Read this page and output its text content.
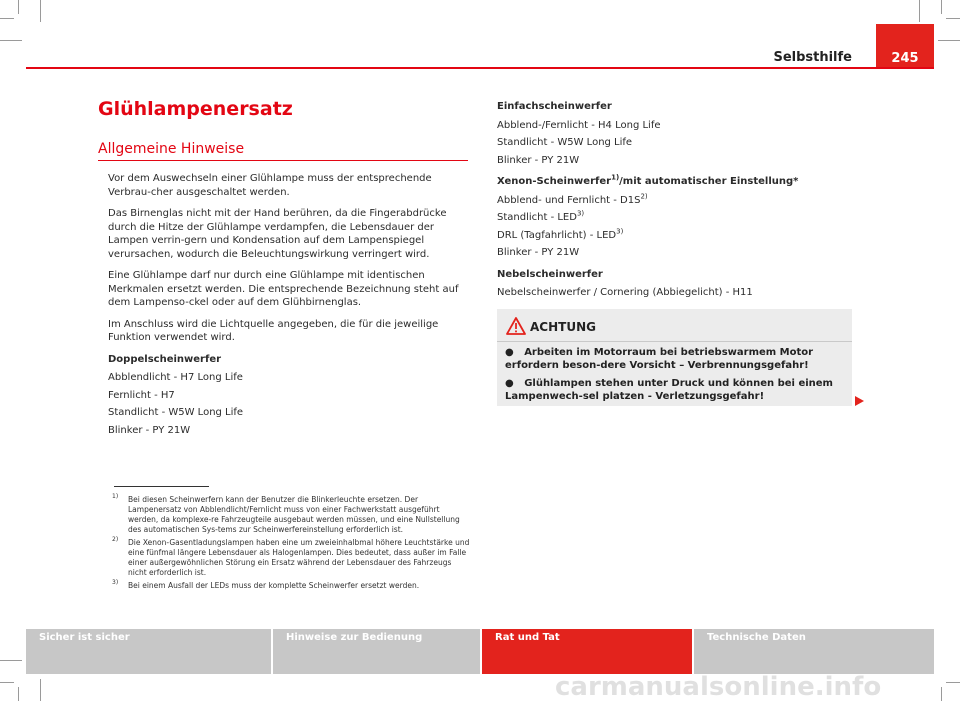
245
Selbsthilfe
Glühlampenersatz
Allgemeine Hinweise

Vor dem Auswechseln einer Glühlampe muss der entsprechende Verbrau-cher ausgeschaltet werden.

Das Birnenglas nicht mit der Hand berühren, da die Fingerabdrücke durch die Hitze der Glühlampe verdampfen, die Lebensdauer der Lampen verrin-gern und Kondensation auf dem Lampenspiegel verursachen, wodurch die Beleuchtungswirkung verringert wird.

Eine Glühlampe darf nur durch eine Glühlampe mit identischen Merkmalen ersetzt werden. Die entsprechende Bezeichnung steht auf dem Lampenso-ckel oder auf dem Glühbirnenglas.

Im Anschluss wird die Lichtquelle angegeben, die für die jeweilige Funktion verwendet wird.

Doppelscheinwerfer

Abblendlicht - H7 Long Life

Fernlicht - H7

Standlicht - W5W Long Life

Blinker - PY 21W

Einfachscheinwerfer

Abblend-/Fernlicht - H4 Long Life

Standlicht - W5W Long Life

Blinker - PY 21W

Xenon-Scheinwerfer$^{1)}$/mit automatischer Einstellung*

Abblend- und Fernlicht - $D1S^{2)}$

Standlicht - LED$^{3)}$

DRL (Tagfahrlicht) - LED$^{3)}$

Blinker - PY 21W

Nebelscheinwerfer

Nebelscheinwerfer / Cornering (Abbiegelicht) - H11

ACHTUNG

● Arbeiten im Motorraum bei betriebswarmem Motor erfordern beson-dere Vorsicht – Verbrennungsgefahr!

● Glühlampen stehen unter Druck und können bei einem Lampenwech-sel platzen - Verletzungsgefahr!

1) Bei diesen Scheinwerfern kann der Benutzer die Blinkerleuchte ersetzen. Der Lampenersatz von Abblendlicht/Fernlicht muss von einer Fachwerkstatt ausgeführt werden, da komplexe-re Fahrzeugteile ausgebaut werden müssen, und eine Nullstellung des automatischen Sys-tems zur Scheinwerfereinstellung erforderlich ist.
2) Die Xenon-Gasentladungslampen haben eine um zweieinhalbmal höhere Leuchtstärke und eine fünfmal längere Lebensdauer als Halogenlampen. Dies bedeutet, dass außer im Falle einer außergewöhnlichen Störung ein Ersatz während der Lebensdauer des Fahrzeugs nicht erforderlich ist.
3) Bei einem Ausfall der LEDs muss der komplette Scheinwerfer ersetzt werden.
Sicher ist sicher	Hinweise zur Bedienung	Rat und Tat	Technische Daten
carmanualsonline.info
